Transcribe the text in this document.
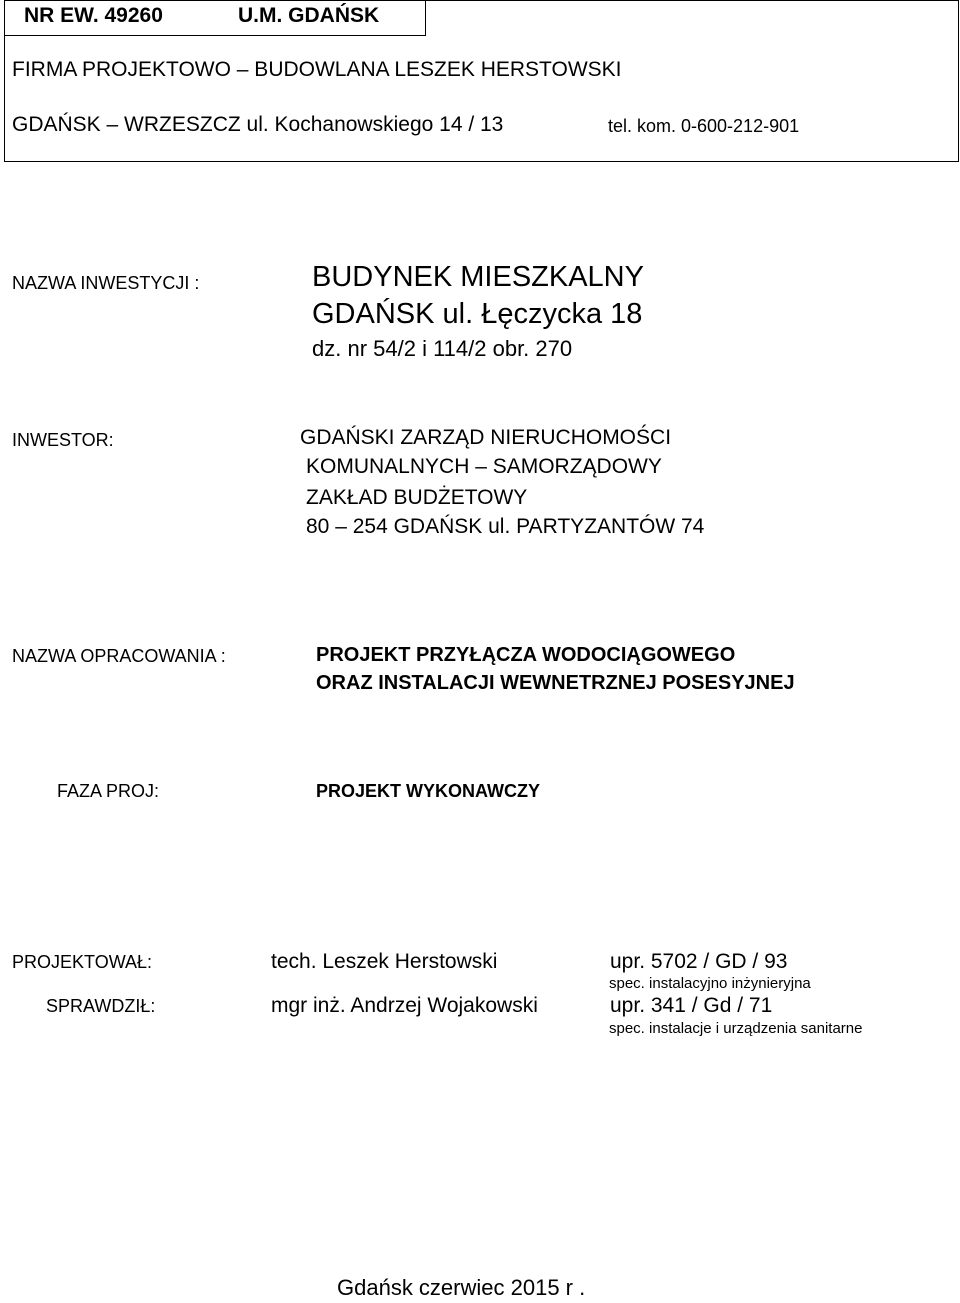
NR EW. 49260	U.M. GDAŃSK
FIRMA PROJEKTOWO – BUDOWLANA LESZEK HERSTOWSKI
GDAŃSK – WRZESZCZ ul. Kochanowskiego 14 / 13	tel. kom. 0-600-212-901
NAZWA INWESTYCJI :	BUDYNEK MIESZKALNY
GDAŃSK ul. Łęczycka 18
dz. nr 54/2 i 114/2 obr. 270
INWESTOR:	GDAŃSKI ZARZĄD NIERUCHOMOŚCI
KOMUNALNYCH – SAMORZĄDOWY
ZAKŁAD BUDŻETOWY
80 – 254 GDAŃSK ul. PARTYZANTÓW 74
NAZWA OPRACOWANIA :	PROJEKT PRZYŁĄCZA WODOCIĄGOWEGO
ORAZ INSTALACJI WEWNETRZNEJ POSESYJNEJ
FAZA PROJ:	PROJEKT WYKONAWCZY
PROJEKTOWAŁ:	tech. Leszek Herstowski	upr. 5702 / GD / 93
spec. instalacyjno inżynieryjna
SPRAWDZIŁ:	mgr inż. Andrzej Wojakowski	upr. 341 / Gd / 71
spec. instalacje i urządzenia sanitarne
Gdańsk czerwiec 2015 r .
